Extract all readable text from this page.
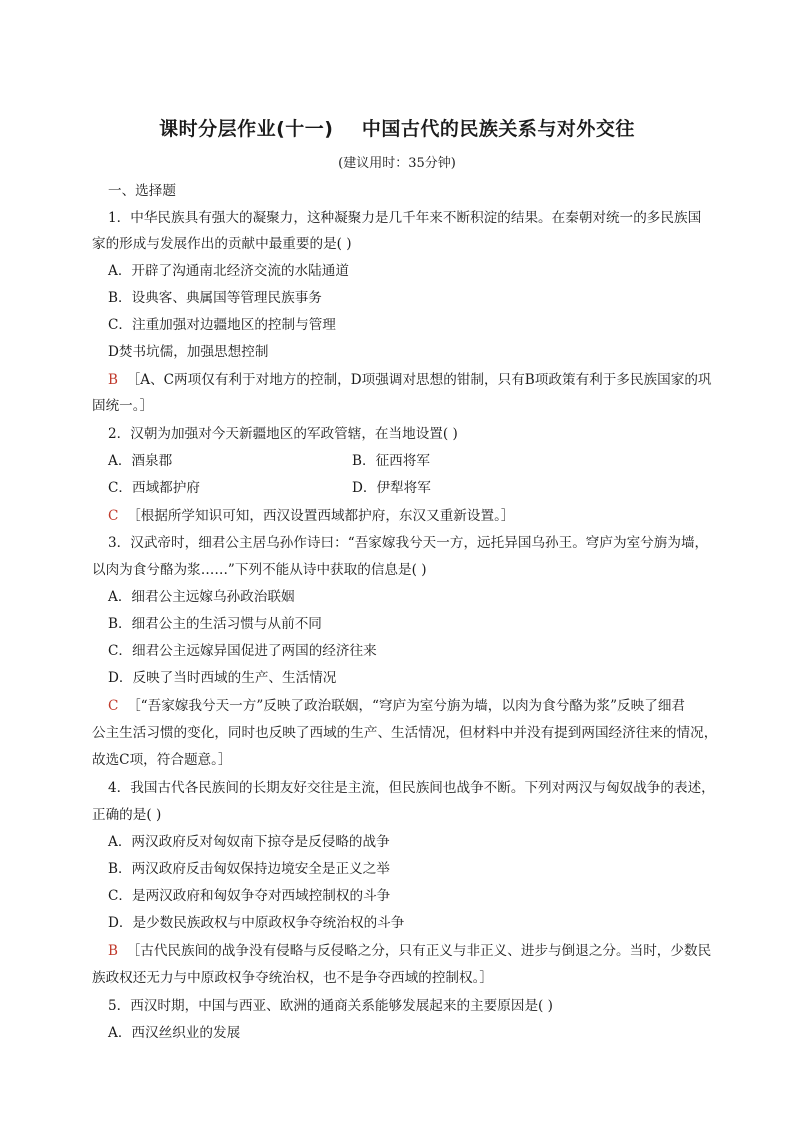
课时分层作业(十一)    中国古代的民族关系与对外交往
(建议用时：35分钟)
一、选择题
1．中华民族具有强大的凝聚力，这种凝聚力是几千年来不断积淀的结果。在秦朝对统一的多民族国
家的形成与发展作出的贡献中最重要的是( )
A．开辟了沟通南北经济交流的水陆通道
B．设典客、典属国等管理民族事务
C．注重加强对边疆地区的控制与管理
D焚书坑儒，加强思想控制
B ［A、C两项仅有利于对地方的控制，D项强调对思想的钳制，只有B项政策有利于多民族国家的巩
固统一。］
2．汉朝为加强对今天新疆地区的军政管辖，在当地设置( )
A．酒泉郡	B．征西将军
C．西域都护府	D．伊犁将军
C ［根据所学知识可知，西汉设置西域都护府，东汉又重新设置。］
3．汉武帝时，细君公主居乌孙作诗曰：“吾家嫁我兮天一方，远托异国乌孙王。穹庐为室兮旃为墙，
以肉为食兮酪为浆……”下列不能从诗中获取的信息是( )
A．细君公主远嫁乌孙政治联姻
B．细君公主的生活习惯与从前不同
C．细君公主远嫁异国促进了两国的经济往来
D．反映了当时西域的生产、生活情况
C ［“吾家嫁我兮天一方”反映了政治联姻，“穹庐为室兮旃为墙，以肉为食兮酪为浆”反映了细君
公主生活习惯的变化，同时也反映了西域的生产、生活情况，但材料中并没有提到两国经济往来的情况，
故选C项，符合题意。］
4．我国古代各民族间的长期友好交往是主流，但民族间也战争不断。下列对两汉与匈奴战争的表述，
正确的是( )
A．两汉政府反对匈奴南下掠夺是反侵略的战争
B．两汉政府反击匈奴保持边境安全是正义之举
C．是两汉政府和匈奴争夺对西域控制权的斗争
D．是少数民族政权与中原政权争夺统治权的斗争
B ［古代民族间的战争没有侵略与反侵略之分，只有正义与非正义、进步与倒退之分。当时，少数民
族政权还无力与中原政权争夺统治权，也不是争夺西域的控制权。］
5．西汉时期，中国与西亚、欧洲的通商关系能够发展起来的主要原因是( )
A．西汉丝织业的发展
